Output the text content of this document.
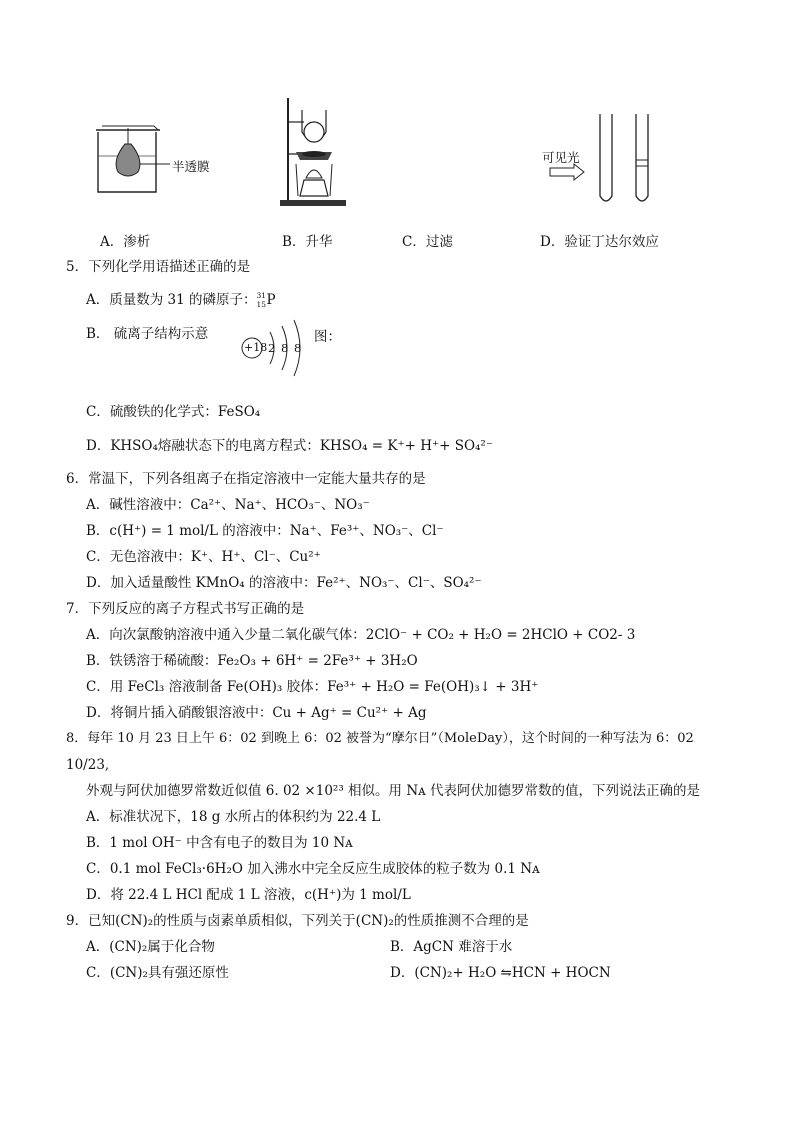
半透膜
可见光
A．渗析	B．升华	C．过滤	D．验证丁达尔效应
5．下列化学用语描述正确的是
A．质量数为 31 的磷原子： 31
15 P
B． 硫离子结构示意
+18 2 8 8
图：
C．硫酸铁的化学式：FeSO₄
D．KHSO₄熔融状态下的电离方程式：KHSO₄ = K⁺+ H⁺+ SO₄²⁻
6．常温下，下列各组离子在指定溶液中一定能大量共存的是
A．碱性溶液中：Ca²⁺、Na⁺、HCO₃⁻、NO₃⁻
B．c(H⁺) = 1 mol/L 的溶液中：Na⁺、Fe³⁺、NO₃⁻、Cl⁻
C．无色溶液中：K⁺、H⁺、Cl⁻、Cu²⁺
D．加入适量酸性 KMnO₄ 的溶液中：Fe²⁺、NO₃⁻、Cl⁻、SO₄²⁻
7．下列反应的离子方程式书写正确的是
A．向次氯酸钠溶液中通入少量二氧化碳气体：2ClO⁻ + CO₂ + H₂O = 2HClO + CO2- 3
B．铁锈溶于稀硫酸：Fe₂O₃ + 6H⁺ = 2Fe³⁺ + 3H₂O
C．用 FeCl₃ 溶液制备 Fe(OH)₃ 胶体：Fe³⁺ + H₂O = Fe(OH)₃↓ + 3H⁺
D．将铜片插入硝酸银溶液中：Cu + Ag⁺ = Cu²⁺ + Ag
8．每年 10 月 23 日上午 6：02 到晚上 6：02 被誉为“摩尔日”（MoleDay），这个时间的一种写法为 6：02
10/23,
外观与阿伏加德罗常数近似值 6. 02 ×10²³ 相似。用 Nᴀ 代表阿伏加德罗常数的值，下列说法正确的是
A．标准状况下，18 g 水所占的体积约为 22.4 L
B．1 mol OH⁻ 中含有电子的数目为 10 Nᴀ
C．0.1 mol FeCl₃·6H₂O 加入沸水中完全反应生成胶体的粒子数为 0.1 Nᴀ
D．将 22.4 L HCl 配成 1 L 溶液，c(H⁺)为 1 mol/L
9．已知(CN)₂的性质与卤素单质相似，下列关于(CN)₂的性质推测不合理的是
A．(CN)₂属于化合物	B．AgCN 难溶于水
C．(CN)₂具有强还原性	D．(CN)₂+ H₂O ⇋HCN + HOCN
